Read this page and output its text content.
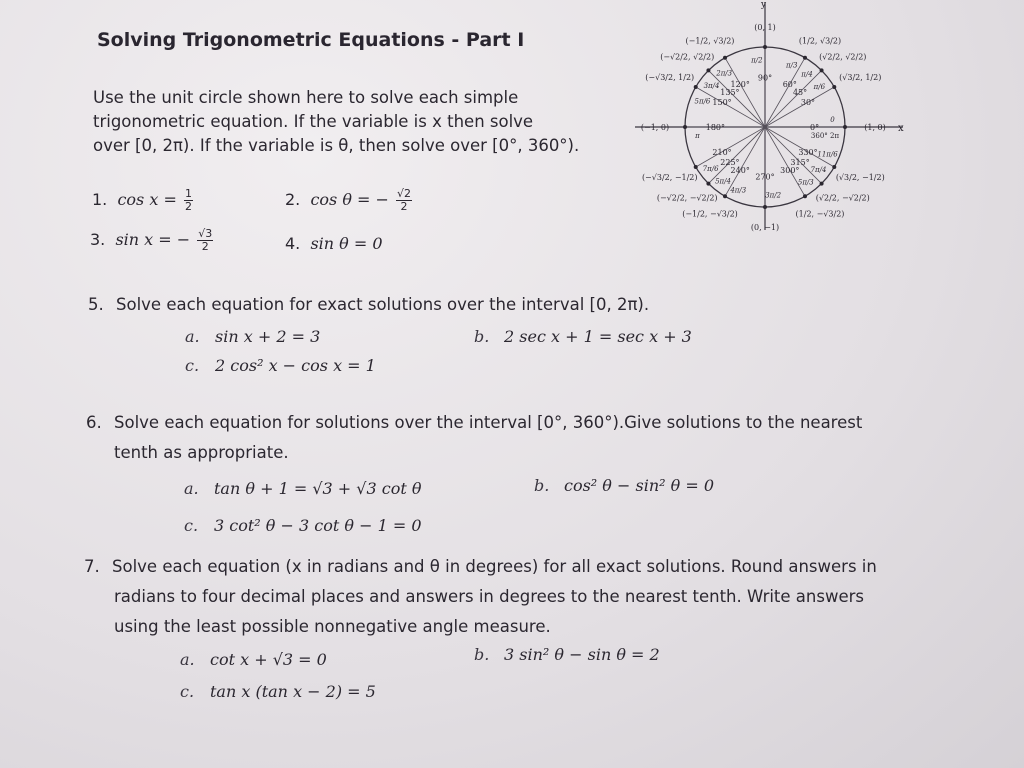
Solving Trigonometric Equations - Part I
Use the unit circle shown here to solve each simple
trigonometric equation. If the variable is x then solve
over [0, 2π). If the variable is θ, then solve over [0°, 360°).
1. $\cos x = \frac{1}{2}$	2. cos θ = − $\frac{√2}{2}$
3. sin x = − $\frac{√3}{2}$	4. sin θ = 0
5. Solve each equation for exact solutions over the interval [0, 2π).
a. sin x + 2 = 3	b. 2 sec x + 1 = sec x + 3
c. 2 cos² x − cos x = 1
6. Solve each equation for solutions over the interval [0°, 360°).Give solutions to the nearest
tenth as appropriate.
a. tan θ + 1 = √3 + √3 cot θ	b. cos² θ − sin² θ = 0
c. 3 cot² θ − 3 cot θ − 1 = 0
7. Solve each equation (x in radians and θ in degrees) for all exact solutions. Round answers in
radians to four decimal places and answers in degrees to the nearest tenth. Write answers
using the least possible nonnegative angle measure.
a. cot x + √3 = 0	b. 3 sin² θ − sin θ = 2
c. tan x (tan x − 2) = 5
x
y
0°
30°
45°
60°
90°
120°
135°
150°
180°
210°
225°
240°
270°
300°
315°
330°
360° 2π
0
π/6
π/4
π/3
π/2
2π/3
3π/4
5π/6
π
7π/6
5π/4
4π/3
3π/2
5π/3
7π/4
11π/6
(1, 0)
(√3/2, 1/2)
(√2/2, √2/2)
(1/2, √3/2)
(0, 1)
(−1/2, √3/2)
(−√2/2, √2/2)
(−√3/2, 1/2)
(−1, 0)
(−√3/2, −1/2)
(−√2/2, −√2/2)
(−1/2, −√3/2)
(0, −1)
(1/2, −√3/2)
(√2/2, −√2/2)
(√3/2, −1/2)
